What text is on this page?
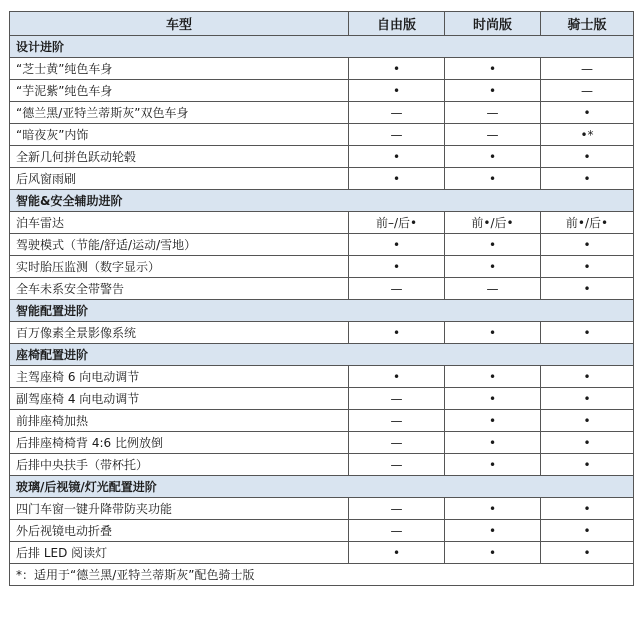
车型	自由版	时尚版	骑士版
设计进阶			
“芝士黄”纯色车身	•	•	—
“芋泥紫”纯色车身	•	•	—
“德兰黑/亚特兰蒂斯灰”双色车身	—	—	•
“暗夜灰”内饰	—	—	•*
全新几何拼色跃动轮毂	•	•	•
后风窗雨刷	•	•	•
智能&安全辅助进阶			
泊车雷达	前–/后•	前•/后•	前•/后•
驾驶模式（节能/舒适/运动/雪地）	•	•	•
实时胎压监测（数字显示）	•	•	•
全车未系安全带警告	—	—	•
智能配置进阶			
百万像素全景影像系统	•	•	•
座椅配置进阶			
主驾座椅 6 向电动调节	•	•	•
副驾座椅 4 向电动调节	—	•	•
前排座椅加热	—	•	•
后排座椅椅背 4:6 比例放倒	—	•	•
后排中央扶手（带杯托）	—	•	•
玻璃/后视镜/灯光配置进阶			
四门车窗一键升降带防夹功能	—	•	•
外后视镜电动折叠	—	•	•
后排 LED 阅读灯	•	•	•
*：适用于“德兰黑/亚特兰蒂斯灰”配色骑士版			
